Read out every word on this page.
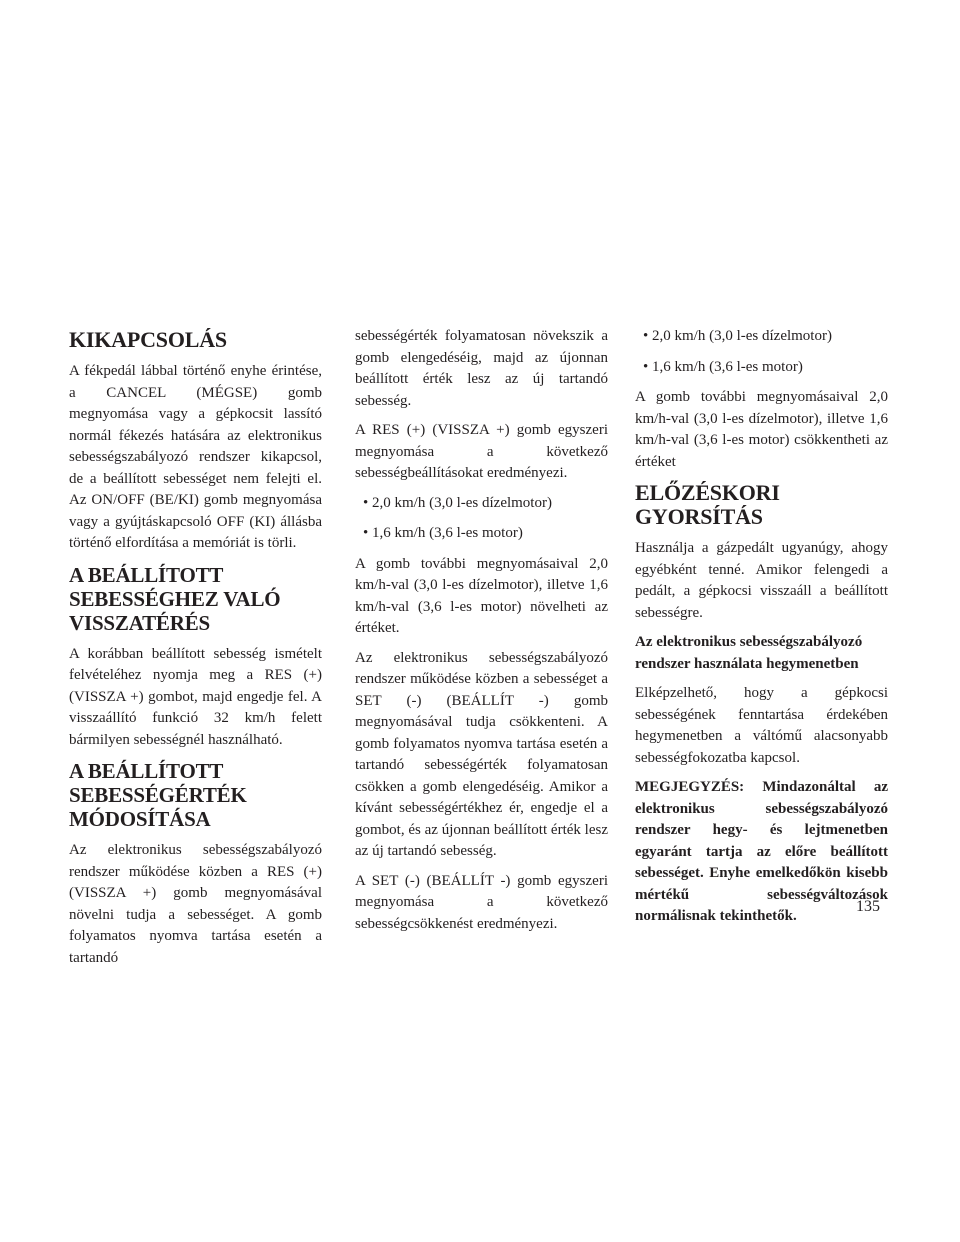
KIKAPCSOLÁS

A fékpedál lábbal történő enyhe érintése, a CANCEL (MÉGSE) gomb megnyomása vagy a gépkocsit lassító normál fékezés hatására az elektronikus sebességszabályozó rendszer kikapcsol, de a beállított sebességet nem felejti el. Az ON/OFF (BE/KI) gomb megnyomása vagy a gyújtáskapcsoló OFF (KI) állásba történő elfordítása a memóriát is törli.

A BEÁLLÍTOTT SEBESSÉGHEZ VALÓ VISSZATÉRÉS

A korábban beállított sebesség ismételt felvételéhez nyomja meg a RES (+) (VISSZA +) gombot, majd engedje fel. A visszaállító funkció 32 km/h felett bármilyen sebességnél használható.

A BEÁLLÍTOTT SEBESSÉGÉRTÉK MÓDOSÍTÁSA

Az elektronikus sebességszabályozó rendszer működése közben a RES (+) (VISSZA +) gomb megnyomásával növelni tudja a sebességet. A gomb folyamatos nyomva tartása esetén a tartandó

sebességérték folyamatosan növekszik a gomb elengedéséig, majd az újonnan beállított érték lesz az új tartandó sebesség.

A RES (+) (VISSZA +) gomb egyszeri megnyomása a következő sebességbeállításokat eredményezi.

• 2,0 km/h (3,0 l-es dízelmotor)

• 1,6 km/h (3,6 l-es motor)

A gomb további megnyomásaival 2,0 km/h-val (3,0 l-es dízelmotor), illetve 1,6 km/h-val (3,6 l-es motor) növelheti az értéket.

Az elektronikus sebességszabályozó rendszer működése közben a sebességet a SET (-) (BEÁLLÍT -) gomb megnyomásával tudja csökkenteni. A gomb folyamatos nyomva tartása esetén a tartandó sebességérték folyamatosan csökken a gomb elengedéséig. Amikor a kívánt sebességértékhez ér, engedje el a gombot, és az újonnan beállított érték lesz az új tartandó sebesség.

A SET (-) (BEÁLLÍT -) gomb egyszeri megnyomása a következő sebességcsökkenést eredményezi.

• 2,0 km/h (3,0 l-es dízelmotor)

• 1,6 km/h (3,6 l-es motor)

A gomb további megnyomásaival 2,0 km/h-val (3,0 l-es dízelmotor), illetve 1,6 km/h-val (3,6 l-es motor) csökkentheti az értéket

ELŐZÉSKORI GYORSÍTÁS

Használja a gázpedált ugyanúgy, ahogy egyébként tenné. Amikor felengedi a pedált, a gépkocsi visszaáll a beállított sebességre.

Az elektronikus sebességszabályozó rendszer használata hegymenetben

Elképzelhető, hogy a gépkocsi sebességének fenntartása érdekében hegymenetben a váltómű alacsonyabb sebességfokozatba kapcsol.

MEGJEGYZÉS: Mindazonáltal az elektronikus sebességszabályozó rendszer hegy- és lejtmenetben egyaránt tartja az előre beállított sebességet. Enyhe emelkedőkön kisebb mértékű sebességváltozások normálisnak tekinthetők.

135
